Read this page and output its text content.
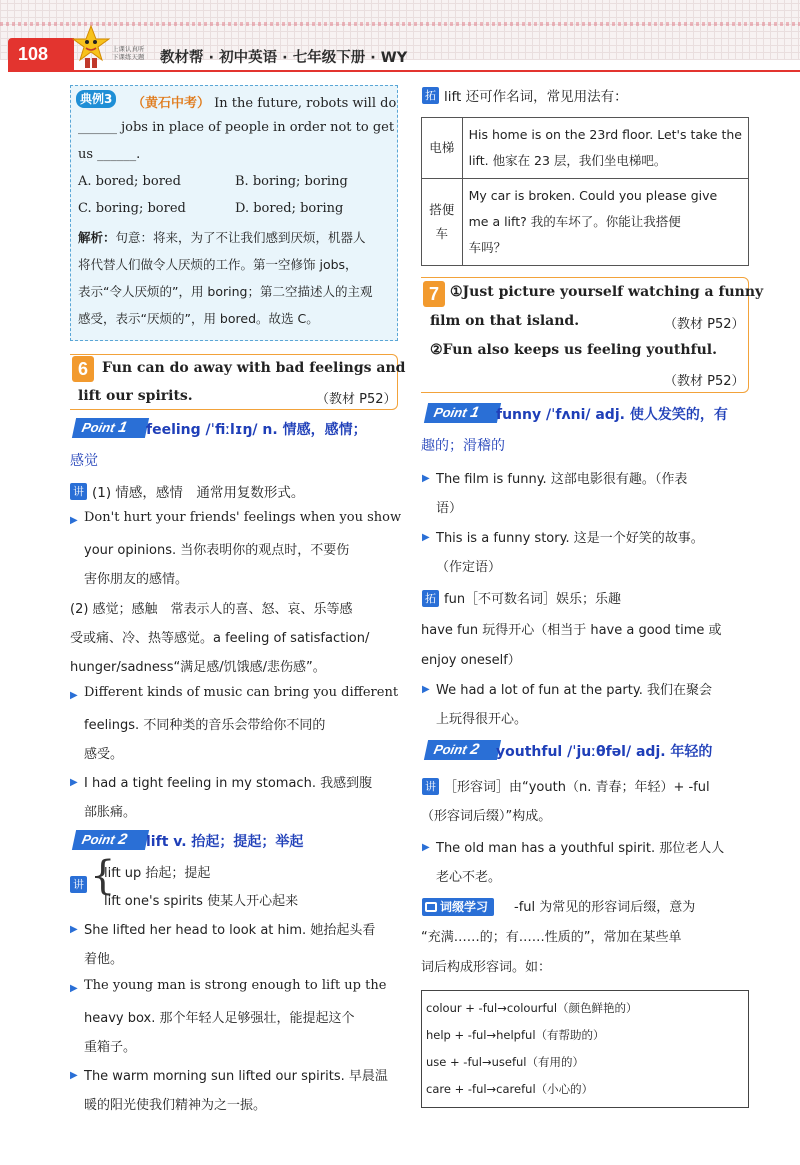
108	上课认真听
下课练天题	教材帮 · 初中英语 · 七年级下册 · WY
典例3	（黄石中考） In the future, robots will do
______ jobs in place of people in order not to get
us ______.
A. bored; bored	B. boring; boring
C. boring; bored	D. bored; boring
解析：句意：将来，为了不让我们感到厌烦，机器人
将代替人们做令人厌烦的工作。第一空修饰 jobs，
表示“令人厌烦的”，用 boring；第二空描述人的主观
感受，表示“厌烦的”，用 bored。故选 C。
6	Fun can do away with bad feelings and
lift our spirits.	（教材 P52）
Point1	feeling /ˈfiːlɪŋ/ n. 情感，感情；
感觉
讲 (1) 情感，感情　通常用复数形式。
▶ Don't hurt your friends' feelings when you show
your opinions. 当你表明你的观点时，不要伤
害你朋友的感情。
(2) 感觉；感触　常表示人的喜、怒、哀、乐等感
受或痛、冷、热等感觉。a feeling of satisfaction/
hunger/sadness“满足感/饥饿感/悲伤感”。
▶ Different kinds of music can bring you different
feelings. 不同种类的音乐会带给你不同的
感受。
▶ I had a tight feeling in my stomach. 我感到腹
部胀痛。
Point2	lift v. 抬起；提起；举起
讲 {
lift up 抬起；提起
lift one's spirits 使某人开心起来
▶ She lifted her head to look at him. 她抬起头看
着他。
▶ The young man is strong enough to lift up the
heavy box. 那个年轻人足够强壮，能提起这个
重箱子。
▶ The warm morning sun lifted our spirits. 早晨温
暖的阳光使我们精神为之一振。
拓 lift 还可作名词，常见用法有：
电梯	His home is on the 23rd floor. Let's take the
lift. 他家在 23 层，我们坐电梯吧。

搭便车	My car is broken. Could you please give
me a lift? 我的车坏了。你能让我搭便
车吗？
7 ①Just picture yourself watching a funny
film on that island.	（教材 P52）
②Fun also keeps us feeling youthful.
（教材 P52）
Point1	funny /ˈfʌni/ adj. 使人发笑的，有
趣的；滑稽的
▶ The film is funny. 这部电影很有趣。（作表
语）
▶ This is a funny story. 这是一个好笑的故事。
（作定语）
拓 fun［不可数名词］娱乐；乐趣
have fun 玩得开心（相当于 have a good time 或
enjoy oneself）
▶ We had a lot of fun at the party. 我们在聚会
上玩得很开心。
Point2	youthful /ˈjuːθfəl/ adj. 年轻的
讲 ［形容词］由“youth（n. 青春；年轻）+ -ful
（形容词后缀）”构成。
▶ The old man has a youthful spirit. 那位老人人
老心不老。
词缀学习	-ful 为常见的形容词后缀，意为
“充满……的；有……性质的”，常加在某些单
词后构成形容词。如：
colour + -ful→colourful（颜色鲜艳的）
help + -ful→helpful（有帮助的）
use + -ful→useful（有用的）
care + -ful→careful（小心的）
